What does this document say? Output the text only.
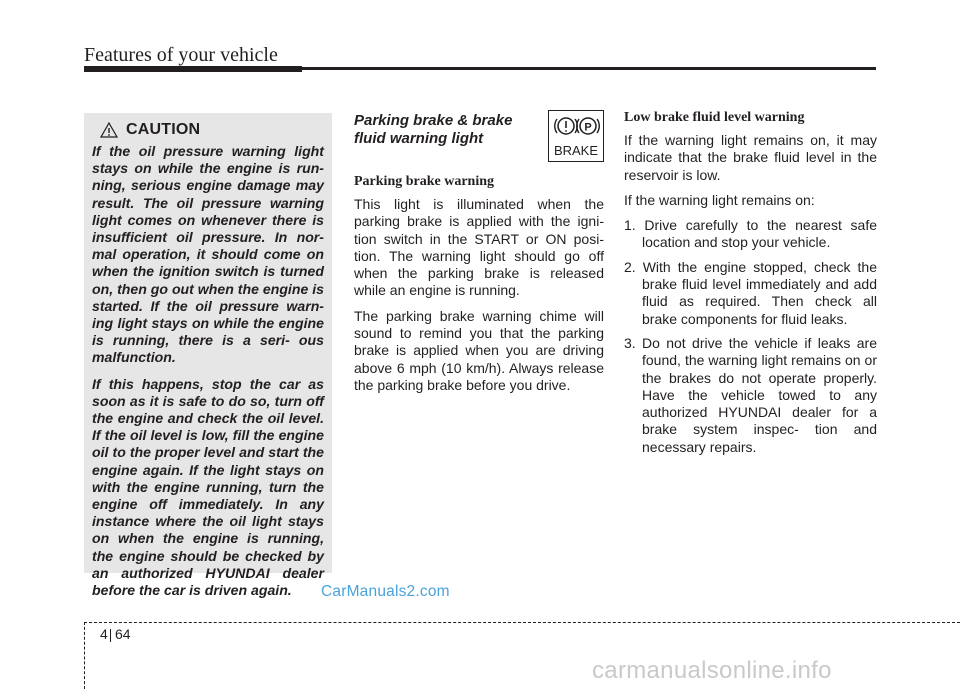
Features of your vehicle
CAUTION

If the oil pressure warning light stays on while the engine is run- ning, serious engine damage may result. The oil pressure warning light comes on whenever there is insufficient oil pressure. In nor- mal operation, it should come on when the ignition switch is turned on, then go out when the engine is started. If the oil pressure warn- ing light stays on while the engine is running, there is a seri- ous malfunction.

If this happens, stop the car as soon as it is safe to do so, turn off the engine and check the oil level. If the oil level is low, fill the engine oil to the proper level and start the engine again. If the light stays on with the engine running, turn the engine off immediately. In any instance where the oil light stays on when the engine is running, the engine should be checked by an authorized HYUNDAI dealer before the car is driven again.

Parking brake & brake fluid warning light
P
BRAKE
Parking brake warning

This light is illuminated when the parking brake is applied with the igni- tion switch in the START or ON posi- tion. The warning light should go off when the parking brake is released while an engine is running.

The parking brake warning chime will sound to remind you that the parking brake is applied when you are driving above 6 mph (10 km/h). Always release the parking brake before you drive.

Low brake fluid level warning

If the warning light remains on, it may indicate that the brake fluid level in the reservoir is low.

If the warning light remains on:

1. Drive carefully to the nearest safe location and stop your vehicle.

2. With the engine stopped, check the brake fluid level immediately and add fluid as required. Then check all brake components for fluid leaks.

3. Do not drive the vehicle if leaks are found, the warning light remains on or the brakes do not operate properly. Have the vehicle towed to any authorized HYUNDAI dealer for a brake system inspec- tion and necessary repairs.

CarManuals2.com
4 64
carmanualsonline.info
